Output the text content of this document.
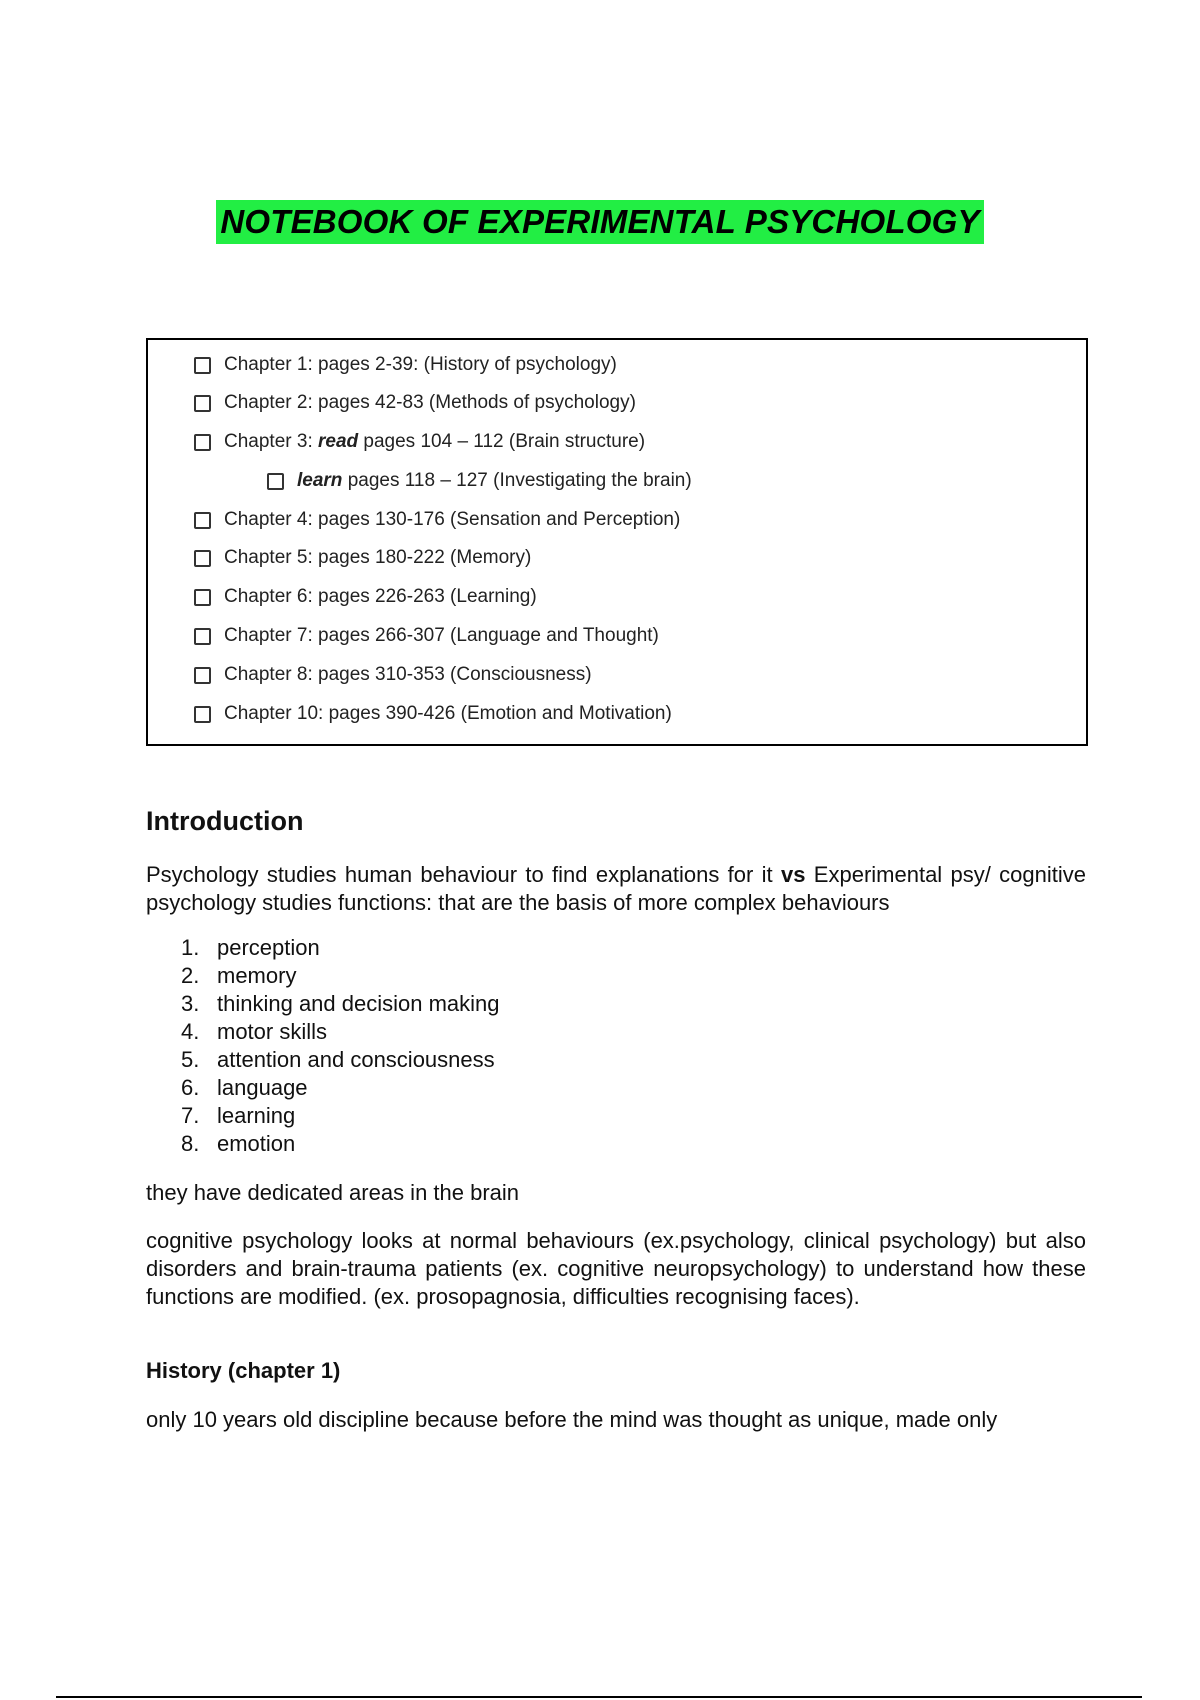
NOTEBOOK OF EXPERIMENTAL PSYCHOLOGY
Chapter 1: pages 2-39: (History of psychology)
Chapter 2: pages 42-83 (Methods of psychology)
Chapter 3: read pages 104 – 112 (Brain structure)
learn pages 118 – 127 (Investigating the brain)
Chapter 4: pages 130-176 (Sensation and Perception)
Chapter 5: pages 180-222 (Memory)
Chapter 6: pages 226-263 (Learning)
Chapter 7: pages 266-307 (Language and Thought)
Chapter 8: pages 310-353 (Consciousness)
Chapter 10: pages 390-426 (Emotion and Motivation)
Introduction

Psychology studies human behaviour to find explanations for it vs Experimental psy/ cognitive psychology studies functions: that are the basis of more complex behaviours

1. perception
2. memory
3. thinking and decision making
4. motor skills
5. attention and consciousness
6. language
7. learning
8. emotion

they have dedicated areas in the brain

cognitive psychology looks at normal behaviours (ex.psychology, clinical psychology) but also disorders and brain-trauma patients (ex. cognitive neuropsychology) to understand how these functions are modified. (ex. prosopagnosia, difficulties recognising faces).

History (chapter 1)

only 10 years old discipline because before the mind was thought as unique, made only
